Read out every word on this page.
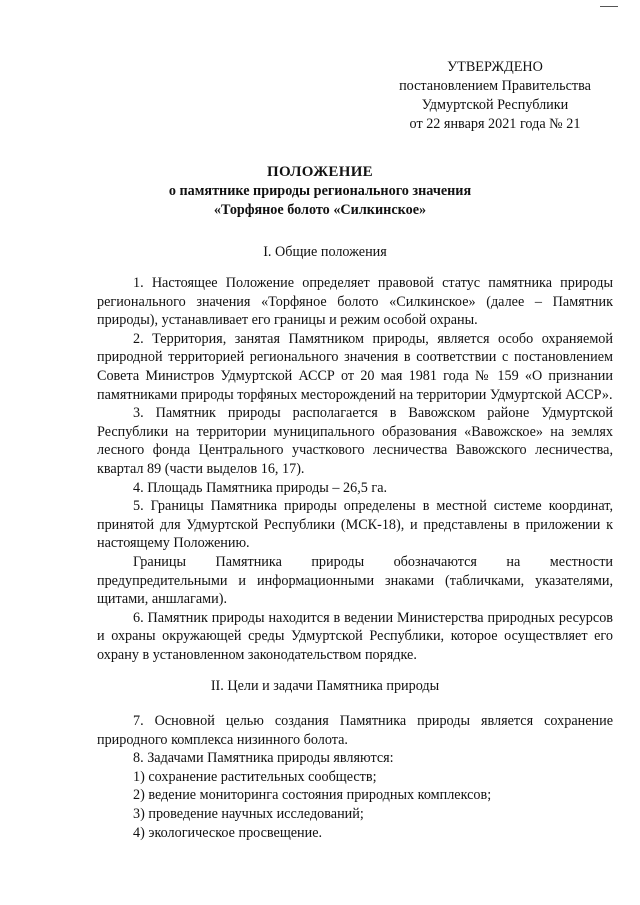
УТВЕРЖДЕНО
постановлением Правительства
Удмуртской Республики
от 22 января 2021 года № 21
ПОЛОЖЕНИЕ
о памятнике природы регионального значения
«Торфяное болото «Силкинское»
I. Общие положения

1. Настоящее Положение определяет правовой статус памятника природы регионального значения «Торфяное болото «Силкинское» (далее – Памятник природы), устанавливает его границы и режим особой охраны.

2. Территория, занятая Памятником природы, является особо охраняемой природной территорией регионального значения в соответствии с постановлением Совета Министров Удмуртской АССР от 20 мая 1981 года № 159 «О признании памятниками природы торфяных месторождений на территории Удмуртской АССР».

3. Памятник природы располагается в Вавожском районе Удмуртской Республики на территории муниципального образования «Вавожское» на землях лесного фонда Центрального участкового лесничества Вавожского лесничества, квартал 89 (части выделов 16, 17).

4. Площадь Памятника природы – 26,5 га.

5. Границы Памятника природы определены в местной системе координат, принятой для Удмуртской Республики (МСК-18), и представлены в приложении к настоящему Положению.

Границы Памятника природы обозначаются на местности предупредительными и информационными знаками (табличками, указателями, щитами, аншлагами).

6. Памятник природы находится в ведении Министерства природных ресурсов и охраны окружающей среды Удмуртской Республики, которое осуществляет его охрану в установленном законодательством порядке.

II. Цели и задачи Памятника природы

7. Основной целью создания Памятника природы является сохранение природного комплекса низинного болота.

8. Задачами Памятника природы являются:

1) сохранение растительных сообществ;

2) ведение мониторинга состояния природных комплексов;

3) проведение научных исследований;

4) экологическое просвещение.
